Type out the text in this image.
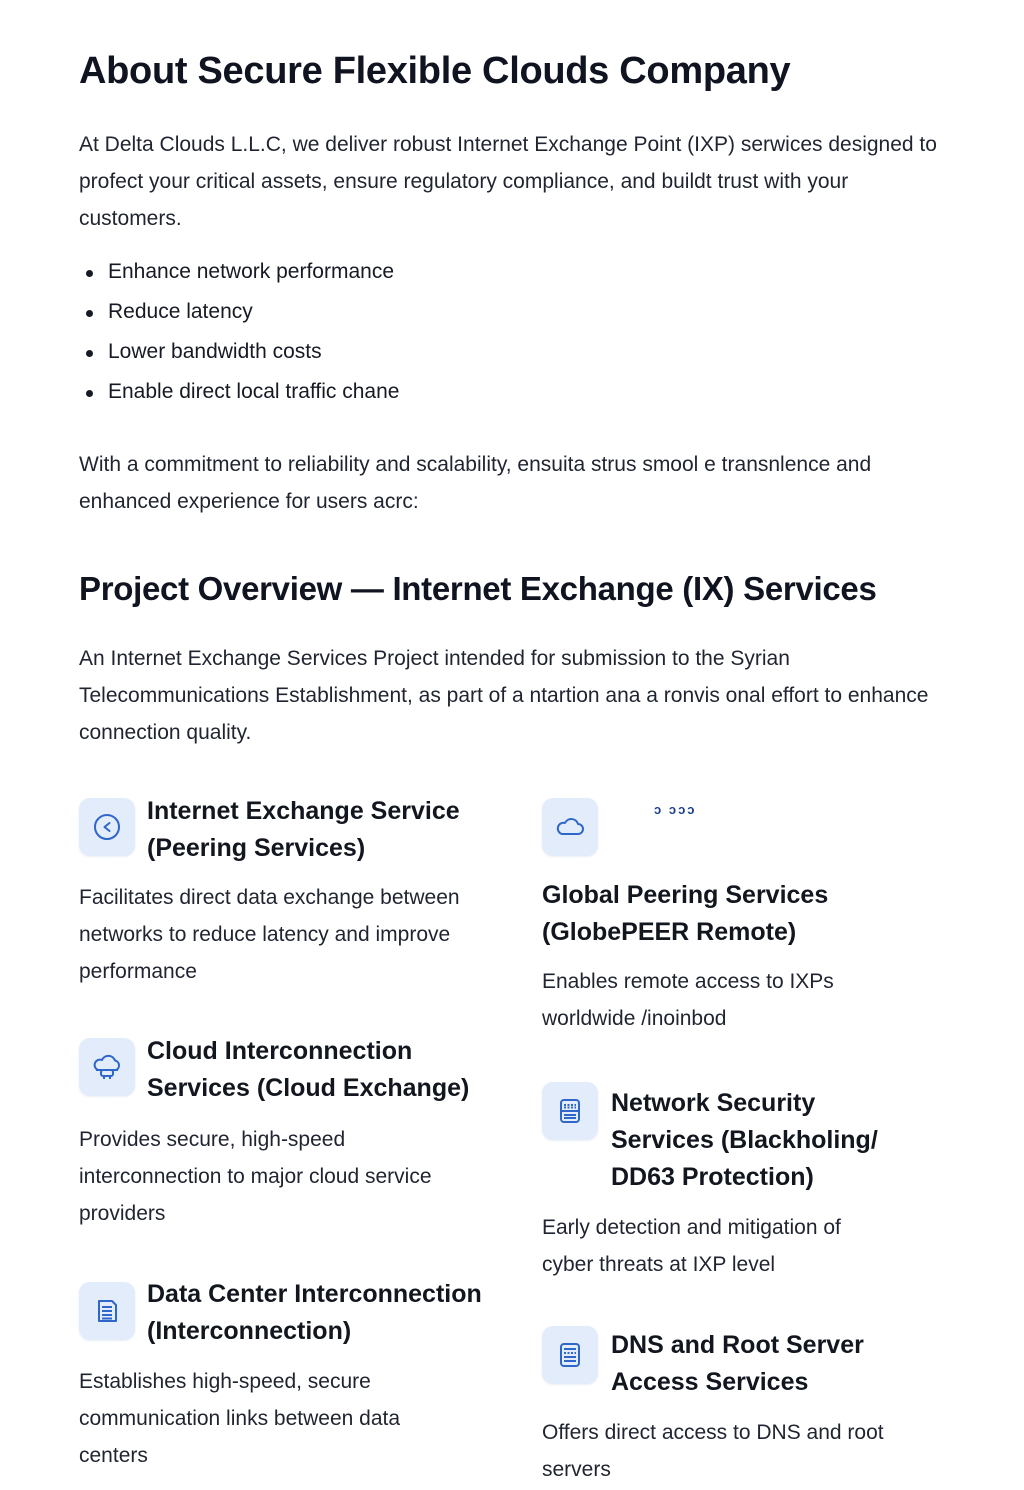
About Secure Flexible Clouds Company

At Delta Clouds L.L.C, we deliver robust Internet Exchange Point (IXP) serwices designed to profect your critical assets, ensure regulatory compliance, and buildt trust with your customers.

Enhance network performance
Reduce latency
Lower bandwidth costs
Enable direct local traffic chane

With a commitment to reliability and scalability, ensuita strus smool e transnlence and enhanced experience for users acrc:

Project Overview — Internet Exchange (IX) Services

An Internet Exchange Services Project intended for submission to the Syrian Telecommunications Establishment, as part of a ntartion ana a ronvis onal effort to enhance connection quality.

Internet Exchange Service (Peering Services)
Facilitates direct data exchange between networks to reduce latency and improve performance
ɔ ɔɔɔ
Global Peering Services (GlobePEER Remote)
Enables remote access to IXPs worldwide /inoinbod
Cloud Interconnection Services (Cloud Exchange)
Provides secure, high-speed interconnection to major cloud service providers
Network Security Services (Blackholing/ DD63 Protection)
Early detection and mitigation of cyber threats at IXP level
Data Center Interconnection (Interconnection)
Establishes high-speed, secure communication links between data centers
DNS and Root Server Access Services
Offers direct access to DNS and root servers
